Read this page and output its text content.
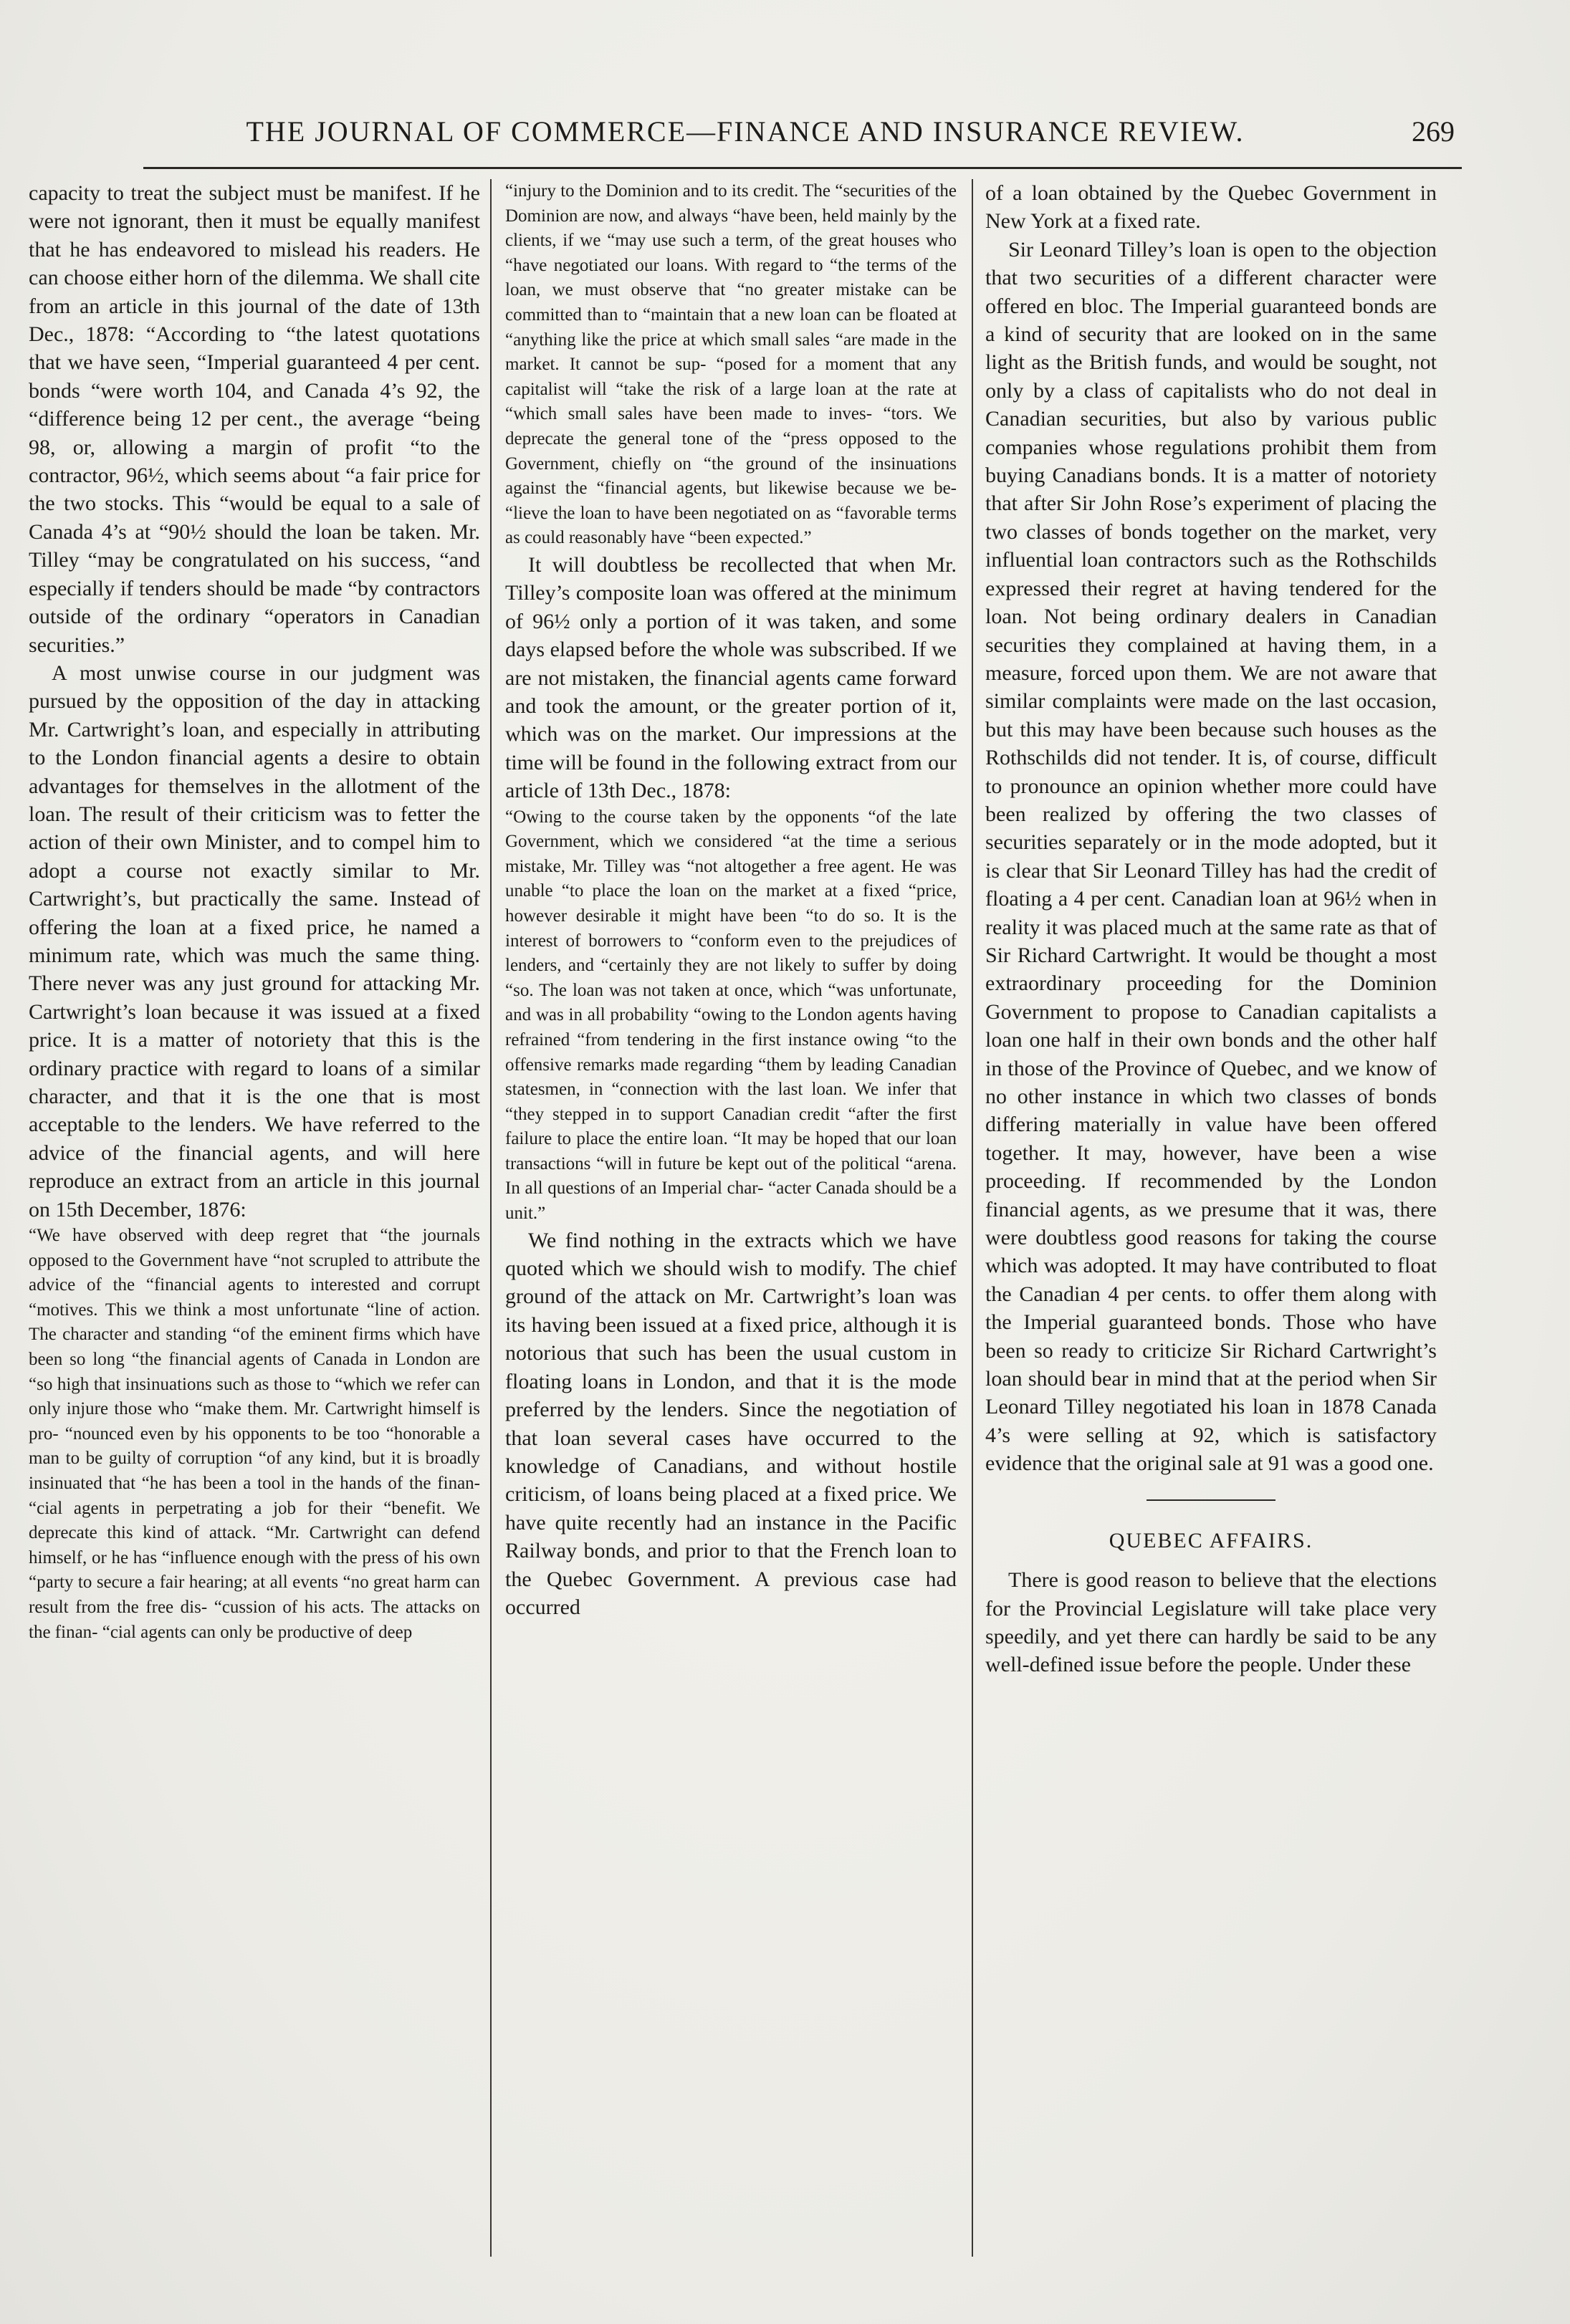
THE JOURNAL OF COMMERCE—FINANCE AND INSURANCE REVIEW.	269

capacity to treat the subject must be manifest. If he were not ignorant, then it must be equally manifest that he has endeavored to mislead his readers. He can choose either horn of the dilemma. We shall cite from an article in this journal of the date of 13th Dec., 1878: “According to “the latest quotations that we have seen, “Imperial guaranteed 4 per cent. bonds “were worth 104, and Canada 4’s 92, the “difference being 12 per cent., the average “being 98, or, allowing a margin of profit “to the contractor, 96½, which seems about “a fair price for the two stocks. This “would be equal to a sale of Canada 4’s at “90½ should the loan be taken. Mr. Tilley “may be congratulated on his success, “and especially if tenders should be made “by contractors outside of the ordinary “operators in Canadian securities.”

A most unwise course in our judgment was pursued by the opposition of the day in attacking Mr. Cartwright’s loan, and especially in attributing to the London financial agents a desire to obtain advantages for themselves in the allotment of the loan. The result of their criticism was to fetter the action of their own Minister, and to compel him to adopt a course not exactly similar to Mr. Cartwright’s, but practically the same. Instead of offering the loan at a fixed price, he named a minimum rate, which was much the same thing. There never was any just ground for attacking Mr. Cartwright’s loan because it was issued at a fixed price. It is a matter of notoriety that this is the ordinary practice with regard to loans of a similar character, and that it is the one that is most acceptable to the lenders. We have referred to the advice of the financial agents, and will here reproduce an extract from an article in this journal on 15th December, 1876:

“We have observed with deep regret that “the journals opposed to the Government have “not scrupled to attribute the advice of the “financial agents to interested and corrupt “motives. This we think a most unfortunate “line of action. The character and standing “of the eminent firms which have been so long “the financial agents of Canada in London are “so high that insinuations such as those to “which we refer can only injure those who “make them. Mr. Cartwright himself is pro- “nounced even by his opponents to be too “honorable a man to be guilty of corruption “of any kind, but it is broadly insinuated that “he has been a tool in the hands of the finan- “cial agents in perpetrating a job for their “benefit. We deprecate this kind of attack. “Mr. Cartwright can defend himself, or he has “influence enough with the press of his own “party to secure a fair hearing; at all events “no great harm can result from the free dis- “cussion of his acts. The attacks on the finan- “cial agents can only be productive of deep

“injury to the Dominion and to its credit. The “securities of the Dominion are now, and always “have been, held mainly by the clients, if we “may use such a term, of the great houses who “have negotiated our loans. With regard to “the terms of the loan, we must observe that “no greater mistake can be committed than to “maintain that a new loan can be floated at “anything like the price at which small sales “are made in the market. It cannot be sup- “posed for a moment that any capitalist will “take the risk of a large loan at the rate at “which small sales have been made to inves- “tors. We deprecate the general tone of the “press opposed to the Government, chiefly on “the ground of the insinuations against the “financial agents, but likewise because we be- “lieve the loan to have been negotiated on as “favorable terms as could reasonably have “been expected.”

It will doubtless be recollected that when Mr. Tilley’s composite loan was offered at the minimum of 96½ only a portion of it was taken, and some days elapsed before the whole was subscribed. If we are not mistaken, the financial agents came forward and took the amount, or the greater portion of it, which was on the market. Our impressions at the time will be found in the following extract from our article of 13th Dec., 1878:

“Owing to the course taken by the opponents “of the late Government, which we considered “at the time a serious mistake, Mr. Tilley was “not altogether a free agent. He was unable “to place the loan on the market at a fixed “price, however desirable it might have been “to do so. It is the interest of borrowers to “conform even to the prejudices of lenders, and “certainly they are not likely to suffer by doing “so. The loan was not taken at once, which “was unfortunate, and was in all probability “owing to the London agents having refrained “from tendering in the first instance owing “to the offensive remarks made regarding “them by leading Canadian statesmen, in “connection with the last loan. We infer that “they stepped in to support Canadian credit “after the first failure to place the entire loan. “It may be hoped that our loan transactions “will in future be kept out of the political “arena. In all questions of an Imperial char- “acter Canada should be a unit.”

We find nothing in the extracts which we have quoted which we should wish to modify. The chief ground of the attack on Mr. Cartwright’s loan was its having been issued at a fixed price, although it is notorious that such has been the usual custom in floating loans in London, and that it is the mode preferred by the lenders. Since the negotiation of that loan several cases have occurred to the knowledge of Canadians, and without hostile criticism, of loans being placed at a fixed price. We have quite recently had an instance in the Pacific Railway bonds, and prior to that the French loan to the Quebec Government. A previous case had occurred

of a loan obtained by the Quebec Government in New York at a fixed rate.

Sir Leonard Tilley’s loan is open to the objection that two securities of a different character were offered en bloc. The Imperial guaranteed bonds are a kind of security that are looked on in the same light as the British funds, and would be sought, not only by a class of capitalists who do not deal in Canadian securities, but also by various public companies whose regulations prohibit them from buying Canadians bonds. It is a matter of notoriety that after Sir John Rose’s experiment of placing the two classes of bonds together on the market, very influential loan contractors such as the Rothschilds expressed their regret at having tendered for the loan. Not being ordinary dealers in Canadian securities they complained at having them, in a measure, forced upon them. We are not aware that similar complaints were made on the last occasion, but this may have been because such houses as the Rothschilds did not tender. It is, of course, difficult to pronounce an opinion whether more could have been realized by offering the two classes of securities separately or in the mode adopted, but it is clear that Sir Leonard Tilley has had the credit of floating a 4 per cent. Canadian loan at 96½ when in reality it was placed much at the same rate as that of Sir Richard Cartwright. It would be thought a most extraordinary proceeding for the Dominion Government to propose to Canadian capitalists a loan one half in their own bonds and the other half in those of the Province of Quebec, and we know of no other instance in which two classes of bonds differing materially in value have been offered together. It may, however, have been a wise proceeding. If recommended by the London financial agents, as we presume that it was, there were doubtless good reasons for taking the course which was adopted. It may have contributed to float the Canadian 4 per cents. to offer them along with the Imperial guaranteed bonds. Those who have been so ready to criticize Sir Richard Cartwright’s loan should bear in mind that at the period when Sir Leonard Tilley negotiated his loan in 1878 Canada 4’s were selling at 92, which is satisfactory evidence that the original sale at 91 was a good one.

QUEBEC AFFAIRS.

There is good reason to believe that the elections for the Provincial Legislature will take place very speedily, and yet there can hardly be said to be any well-defined issue before the people. Under these
